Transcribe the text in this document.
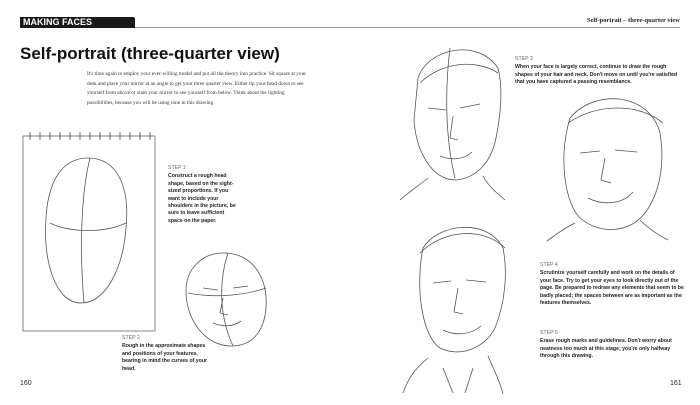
MAKING FACES	Self-portrait – three-quarter view
Self-portrait (three-quarter view)
It's time again to employ your ever-willing model and put all the theory into practice. Sit square at your desk and place your mirror at an angle to get your three quarter view. Either tip your head down to see yourself from above or slant your mirror to see yourself from below. Think about the lighting possibilities, because you will be using tone in this drawing.
STEP 1
Construct a rough head shape, based on the sight-sized proportions. If you want to include your shoulders in the picture, be sure to leave sufficient space on the paper.
STEP 2
Rough in the approximate shapes and positions of your features, bearing in mind the curves of your head.
160
STEP 3
When your face is largely correct, continue to draw the rough shapes of your hair and neck. Don't move on until you're satisfied that you have captured a passing resemblance.
STEP 4
Scrutinize yourself carefully and work on the details of your face. Try to get your eyes to look directly out of the page. Be prepared to redraw any elements that seem to be badly placed; the spaces between are as important as the features themselves.
STEP 5
Erase rough marks and guidelines. Don't worry about neatness too much at this stage; you're only halfway through this drawing.
161
